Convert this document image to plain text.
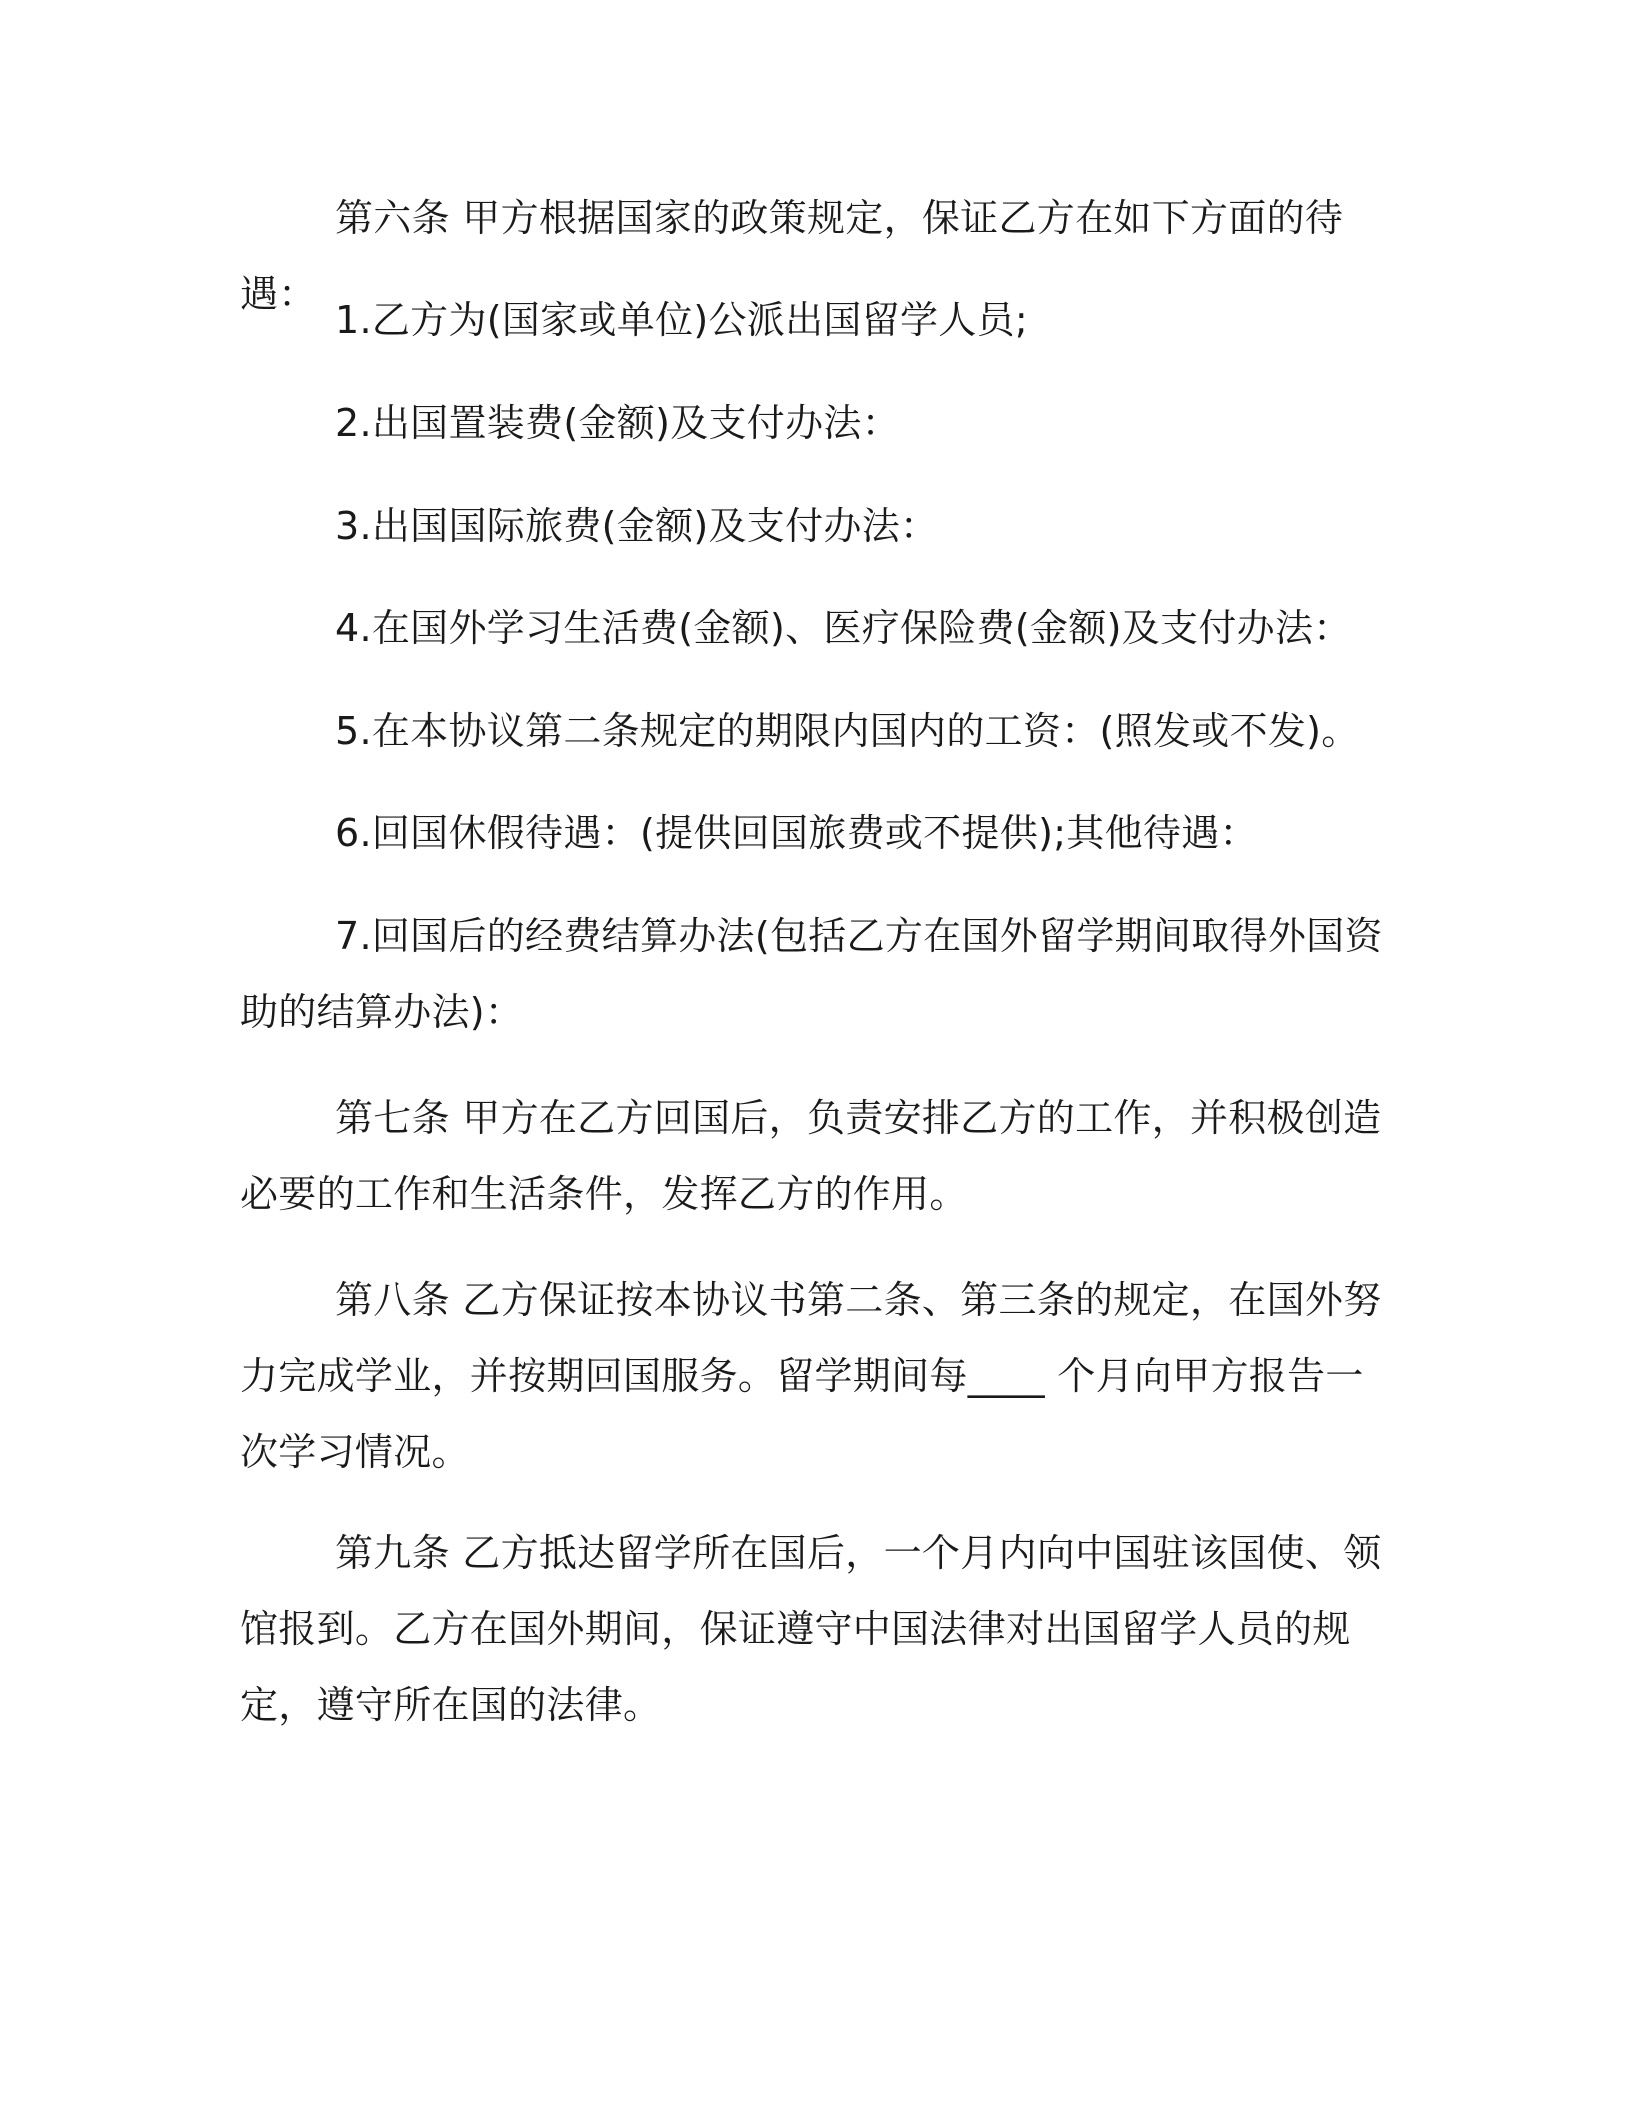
第六条 甲方根据国家的政策规定，保证乙方在如下方面的待遇：

1.乙方为(国家或单位)公派出国留学人员;

2.出国置装费(金额)及支付办法：

3.出国国际旅费(金额)及支付办法：

4.在国外学习生活费(金额)、医疗保险费(金额)及支付办法：

5.在本协议第二条规定的期限内国内的工资：(照发或不发)。

6.回国休假待遇：(提供回国旅费或不提供);其他待遇：

7.回国后的经费结算办法(包括乙方在国外留学期间取得外国资助的结算办法)：

第七条 甲方在乙方回国后，负责安排乙方的工作，并积极创造必要的工作和生活条件，发挥乙方的作用。

第八条 乙方保证按本协议书第二条、第三条的规定，在国外努力完成学业，并按期回国服务。留学期间每____ 个月向甲方报告一次学习情况。

第九条 乙方抵达留学所在国后，一个月内向中国驻该国使、领馆报到。乙方在国外期间，保证遵守中国法律对出国留学人员的规定，遵守所在国的法律。
